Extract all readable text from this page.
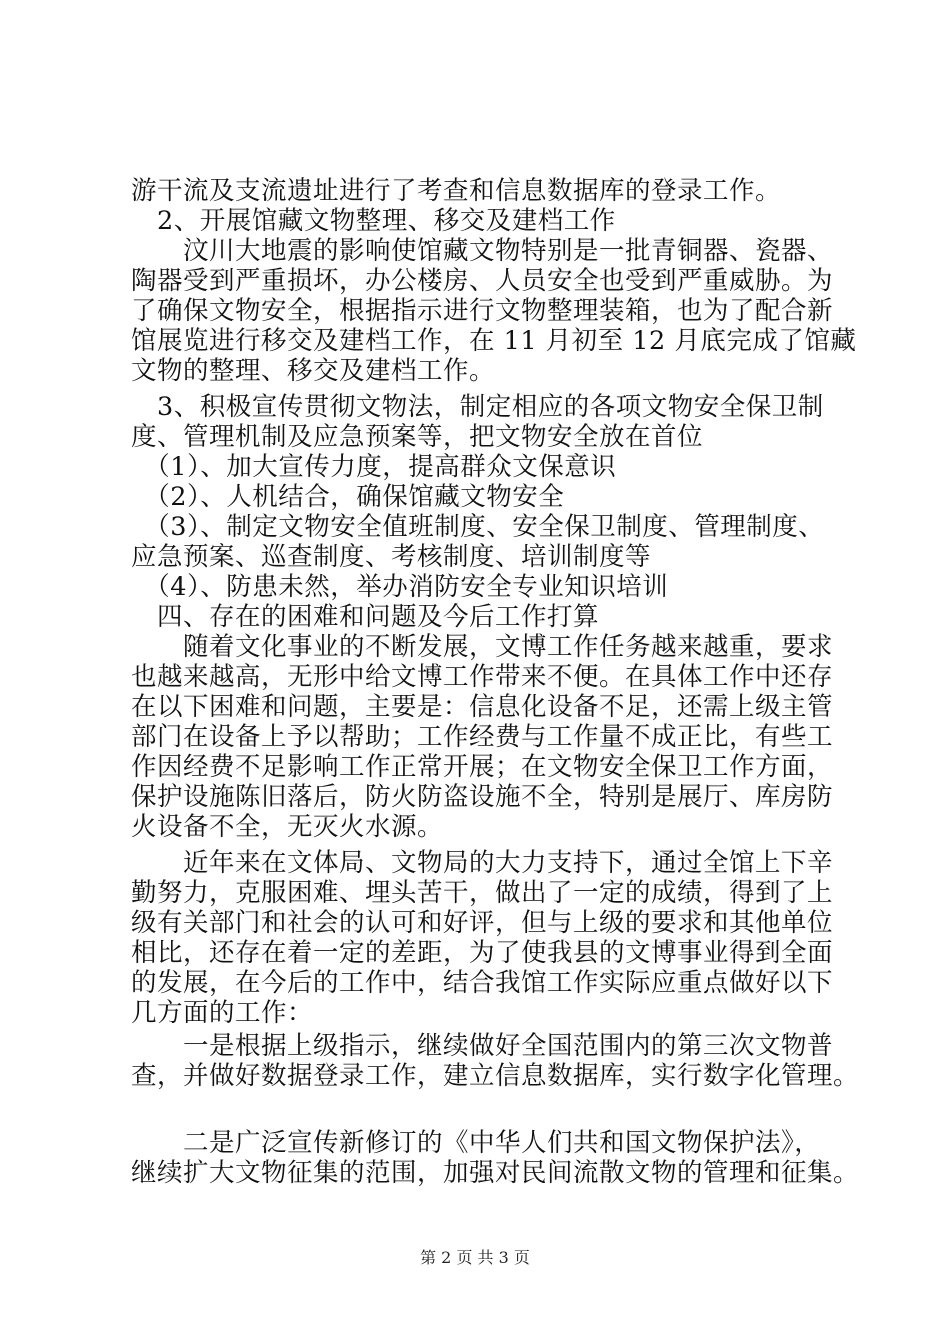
游干流及支流遗址进行了考查和信息数据库的登录工作。
　2、开展馆藏文物整理、移交及建档工作
　　汶川大地震的影响使馆藏文物特别是一批青铜器、瓷器、
陶器受到严重损坏，办公楼房、人员安全也受到严重威胁。为
了确保文物安全，根据指示进行文物整理装箱，也为了配合新
馆展览进行移交及建档工作，在 11 月初至 12 月底完成了馆藏
文物的整理、移交及建档工作。
　3、积极宣传贯彻文物法，制定相应的各项文物安全保卫制
度、管理机制及应急预案等，把文物安全放在首位
　（1）、加大宣传力度，提高群众文保意识
　（2）、人机结合，确保馆藏文物安全
　（3）、制定文物安全值班制度、安全保卫制度、管理制度、
应急预案、巡查制度、考核制度、培训制度等
　（4）、防患未然，举办消防安全专业知识培训
　四、存在的困难和问题及今后工作打算
　　随着文化事业的不断发展，文博工作任务越来越重，要求
也越来越高，无形中给文博工作带来不便。在具体工作中还存
在以下困难和问题，主要是：信息化设备不足，还需上级主管
部门在设备上予以帮助；工作经费与工作量不成正比，有些工
作因经费不足影响工作正常开展；在文物安全保卫工作方面，
保护设施陈旧落后，防火防盗设施不全，特别是展厅、库房防
火设备不全，无灭火水源。
　　近年来在文体局、文物局的大力支持下，通过全馆上下辛
勤努力，克服困难、埋头苦干，做出了一定的成绩，得到了上
级有关部门和社会的认可和好评，但与上级的要求和其他单位
相比，还存在着一定的差距，为了使我县的文博事业得到全面
的发展，在今后的工作中，结合我馆工作实际应重点做好以下
几方面的工作：
　　一是根据上级指示，继续做好全国范围内的第三次文物普
查，并做好数据登录工作，建立信息数据库，实行数字化管理。
　　二是广泛宣传新修订的《中华人们共和国文物保护法》，
继续扩大文物征集的范围，加强对民间流散文物的管理和征集。
第 2 页 共 3 页
